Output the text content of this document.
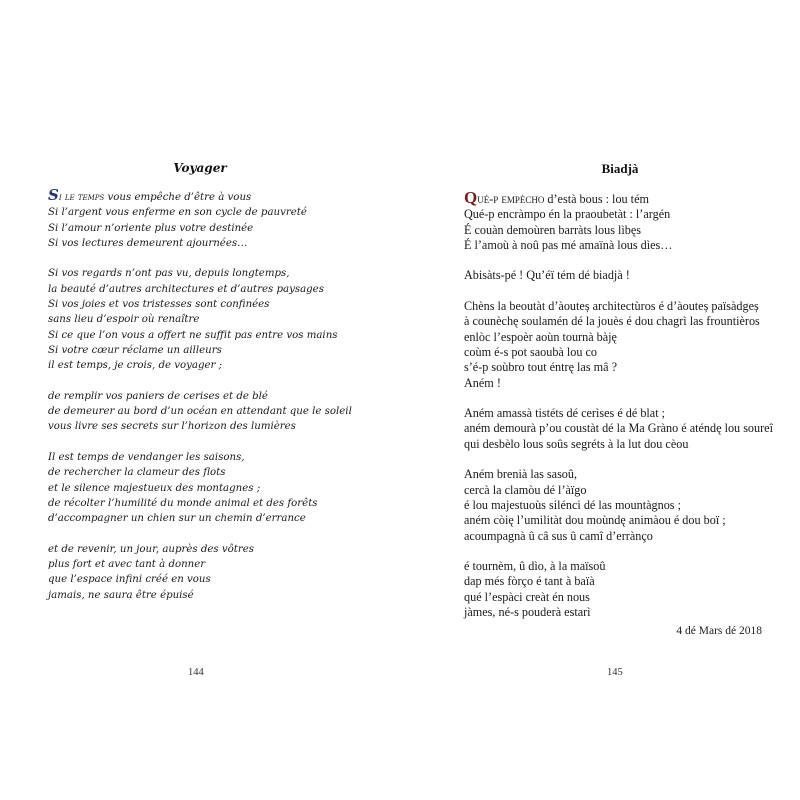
Voyager
Si le temps vous empêche d’être à vous
Si l’argent vous enferme en son cycle de pauvreté
Si l’amour n’oriente plus votre destinée
Si vos lectures demeurent ajournées…
Si vos regards n’ont pas vu, depuis longtemps,
la beauté d’autres architectures et d’autres paysages
Si vos joies et vos tristesses sont confinées
sans lieu d’espoir où renaître
Si ce que l’on vous a offert ne suffit pas entre vos mains
Si votre cœur réclame un ailleurs
il est temps, je crois, de voyager ;
de remplir vos paniers de cerises et de blé
de demeurer au bord d’un océan en attendant que le soleil
vous livre ses secrets sur l’horizon des lumières
Il est temps de vendanger les saisons,
de rechercher la clameur des flots
et le silence majestueux des montagnes ;
de récolter l’humilité du monde animal et des forêts
d’accompagner un chien sur un chemin d’errance
et de revenir, un jour, auprès des vôtres
plus fort et avec tant à donner
que l’espace infini créé en vous
jamais, ne saura être épuisé
144
Biadjà
Qué-p empècho d’està bous : lou tém
Qué-p encràmpo én la praoubetàt : l’argén
É couàn demoùren barràts lous lìbęs
É l’amoù à noû pas mé amaïnà lous dìes…
Abisàts-pé ! Qu’éï tém dé biadjà !
Chèns la beoutàt d’àouteș architectùros é d’àouteș païsàdgeș
à counèchę soulamén dé la jouès é dou chagrì las frountièros
enlòc l’espoèr aoùn tournà bàję
coùm é-s pot saoubà lou co
s’é-p soùbro tout éntrę las mâ ?
Aném !
Aném amassà tistéts dé cerìses é dé blat ;
aném demourà p’ou coustàt dé la Ma Gràno é aténdę lou soureî
qui desbèlo lous soûs segréts à la lut dou cèou
Aném brenià las sasoû,
cercà la clamòu dé l’àïgo
é lou majestuoùs silénci dé las mountàgnos ;
aném còię l’umilitàt dou moùndę animàou é dou boï ;
acoumpagnà û câ sus û camî d’errànço
é tournèm, û dìo, à la maïsoû
dap més fòrço é tant à baïà
qué l’espàci creàt én nous
jàmes, né-s pouderà estarì
4 dé Mars dé 2018
145
